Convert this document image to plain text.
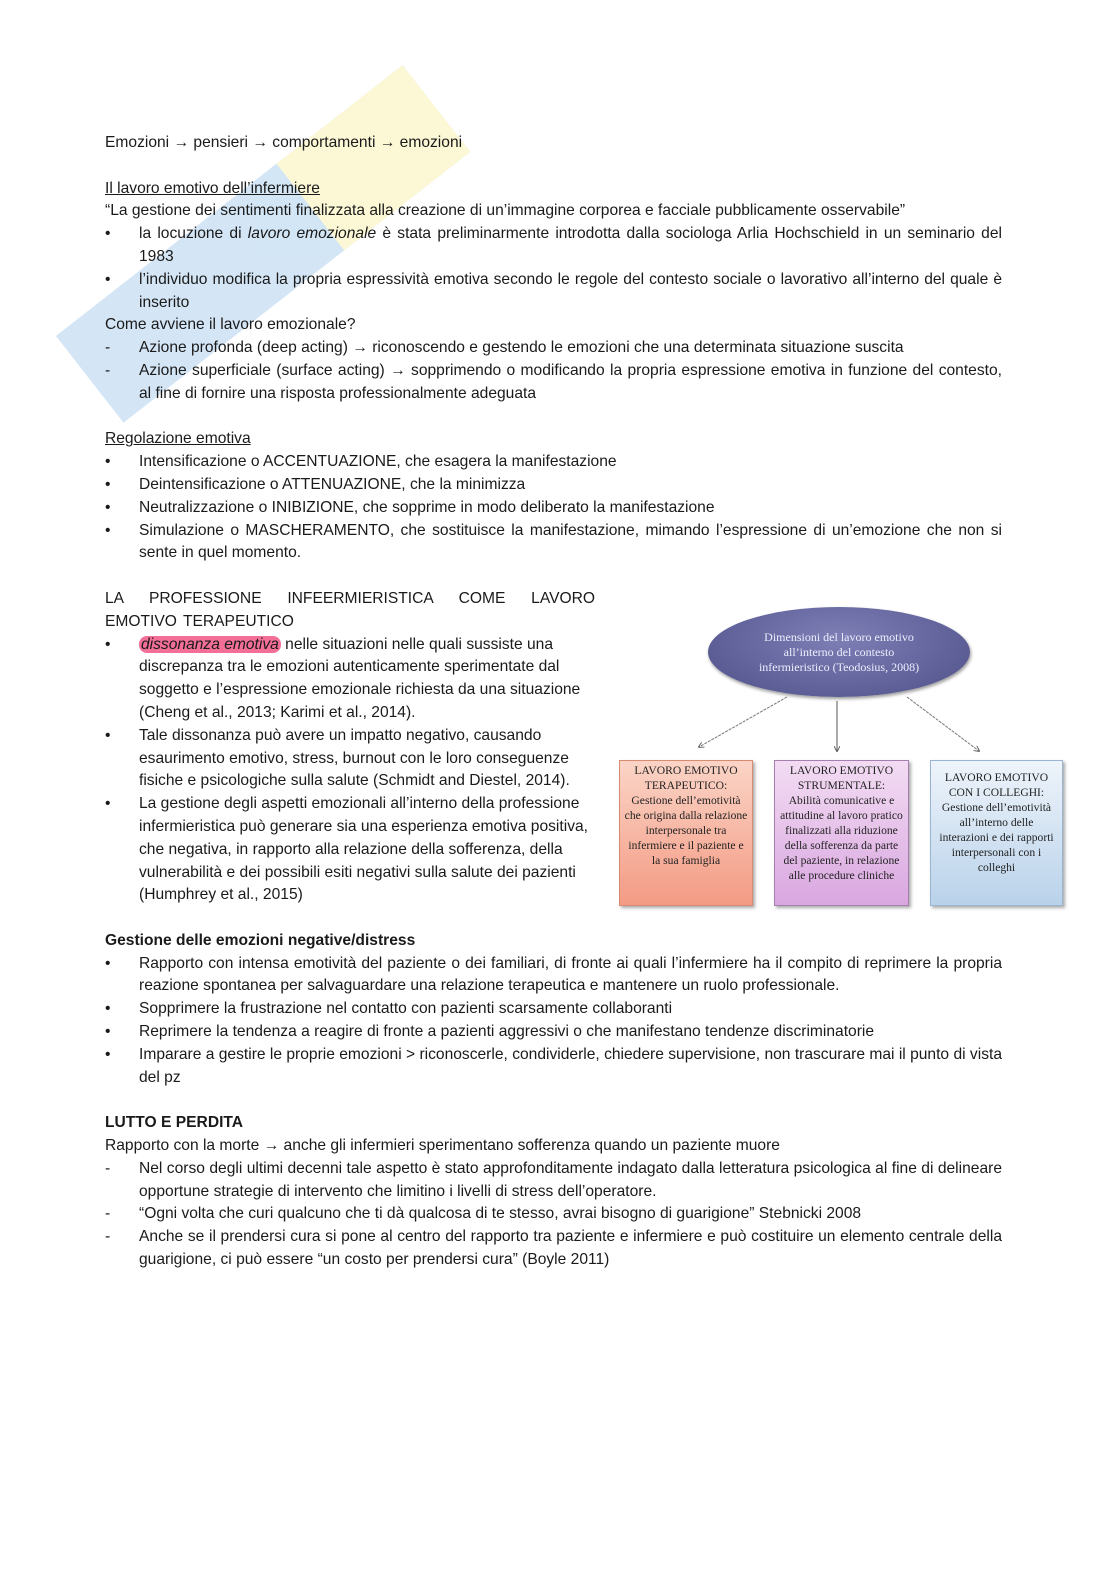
Emozioni → pensieri → comportamenti → emozioni
Il lavoro emotivo dell’infermiere
“La gestione dei sentimenti finalizzata alla creazione di un’immagine corporea e facciale pubblicamente osservabile”
• la locuzione di lavoro emozionale è stata preliminarmente introdotta dalla sociologa Arlia Hochschield in un seminario del 1983
• l’individuo modifica la propria espressività emotiva secondo le regole del contesto sociale o lavorativo all’interno del quale è inserito
Come avviene il lavoro emozionale?
- Azione profonda (deep acting) → riconoscendo e gestendo le emozioni che una determinata situazione suscita
- Azione superficiale (surface acting) → sopprimendo o modificando la propria espressione emotiva in funzione del contesto, al fine di fornire una risposta professionalmente adeguata
Regolazione emotiva
• Intensificazione o ACCENTUAZIONE, che esagera la manifestazione
• Deintensificazione o ATTENUAZIONE, che la minimizza
• Neutralizzazione o INIBIZIONE, che sopprime in modo deliberato la manifestazione
• Simulazione o MASCHERAMENTO, che sostituisce la manifestazione, mimando l’espressione di un’emozione che non si sente in quel momento.
LA PROFESSIONE INFEERMIERISTICA COME LAVORO EMOTIVO TERAPEUTICO
• dissonanza emotiva nelle situazioni nelle quali sussiste una discrepanza tra le emozioni autenticamente sperimentate dal soggetto e l’espressione emozionale richiesta da una situazione (Cheng et al., 2013; Karimi et al., 2014).
• Tale dissonanza può avere un impatto negativo, causando esaurimento emotivo, stress, burnout con le loro conseguenze fisiche e psicologiche sulla salute (Schmidt and Diestel, 2014).
• La gestione degli aspetti emozionali all’interno della professione infermieristica può generare sia una esperienza emotiva positiva, che negativa, in rapporto alla relazione della sofferenza, della vulnerabilità e dei possibili esiti negativi sulla salute dei pazienti (Humphrey et al., 2015)
Gestione delle emozioni negative/distress
• Rapporto con intensa emotività del paziente o dei familiari, di fronte ai quali l’infermiere ha il compito di reprimere la propria reazione spontanea per salvaguardare una relazione terapeutica e mantenere un ruolo professionale.
• Sopprimere la frustrazione nel contatto con pazienti scarsamente collaboranti
• Reprimere la tendenza a reagire di fronte a pazienti aggressivi o che manifestano tendenze discriminatorie
• Imparare a gestire le proprie emozioni > riconoscerle, condividerle, chiedere supervisione, non trascurare mai il punto di vista del pz
LUTTO E PERDITA
Rapporto con la morte → anche gli infermieri sperimentano sofferenza quando un paziente muore
- Nel corso degli ultimi decenni tale aspetto è stato approfonditamente indagato dalla letteratura psicologica al fine di delineare opportune strategie di intervento che limitino i livelli di stress dell’operatore.
- “Ogni volta che curi qualcuno che ti dà qualcosa di te stesso, avrai bisogno di guarigione” Stebnicki 2008
- Anche se il prendersi cura si pone al centro del rapporto tra paziente e infermiere e può costituire un elemento centrale della guarigione, ci può essere “un costo per prendersi cura” (Boyle 2011)
Dimensioni del lavoro emotivo all’interno del contesto infermieristico (Teodosius, 2008)
LAVORO EMOTIVO TERAPEUTICO:
Gestione dell’emotività che origina dalla relazione interpersonale tra infermiere e il paziente e la sua famiglia
LAVORO EMOTIVO STRUMENTALE:
Abilità comunicative e attitudine al lavoro pratico finalizzati alla riduzione della sofferenza da parte del paziente, in relazione alle procedure cliniche
LAVORO EMOTIVO CON I COLLEGHI:
Gestione dell’emotività all’interno delle interazioni e dei rapporti interpersonali con i colleghi
